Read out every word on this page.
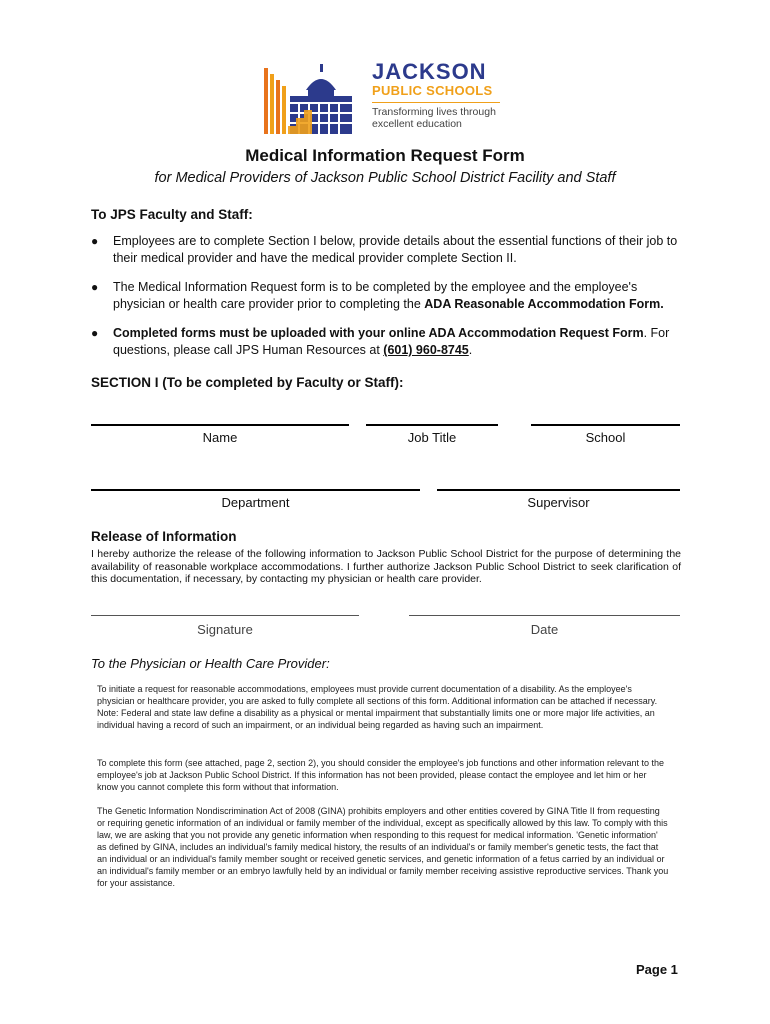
JACKSON
PUBLIC SCHOOLS
Transforming lives through excellent education
Medical Information Request Form
for Medical Providers of Jackson Public School District Facility and Staff
To JPS Faculty and Staff:
● Employees are to complete Section I below, provide details about the essential functions of their job to their medical provider and have the medical provider complete Section II.
● The Medical Information Request form is to be completed by the employee and the employee's physician or health care provider prior to completing the ADA Reasonable Accommodation Form.
● Completed forms must be uploaded with your online ADA Accommodation Request Form. For questions, please call JPS Human Resources at (601) 960-8745.
SECTION I (To be completed by Faculty or Staff):
Name	Job Title	School
Department	Supervisor
Release of Information
I hereby authorize the release of the following information to Jackson Public School District for the purpose of determining the availability of reasonable workplace accommodations. I further authorize Jackson Public School District to seek clarification of this documentation, if necessary, by contacting my physician or health care provider.
Signature	Date
To the Physician or Health Care Provider:
To initiate a request for reasonable accommodations, employees must provide current documentation of a disability. As the employee's physician or healthcare provider, you are asked to fully complete all sections of this form. Additional information can be attached if necessary. Note: Federal and state law define a disability as a physical or mental impairment that substantially limits one or more major life activities, an individual having a record of such an impairment, or an individual being regarded as having such an impairment.
To complete this form (see attached, page 2, section 2), you should consider the employee's job functions and other information relevant to the employee's job at Jackson Public School District. If this information has not been provided, please contact the employee and let him or her know you cannot complete this form without that information.
The Genetic Information Nondiscrimination Act of 2008 (GINA) prohibits employers and other entities covered by GINA Title II from requesting or requiring genetic information of an individual or family member of the individual, except as specifically allowed by this law. To comply with this law, we are asking that you not provide any genetic information when responding to this request for medical information. 'Genetic information' as defined by GINA, includes an individual's family medical history, the results of an individual's or family member's genetic tests, the fact that an individual or an individual's family member sought or received genetic services, and genetic information of a fetus carried by an individual or an individual's family member or an embryo lawfully held by an individual or family member receiving assistive reproductive services. Thank you for your assistance.
Page 1
